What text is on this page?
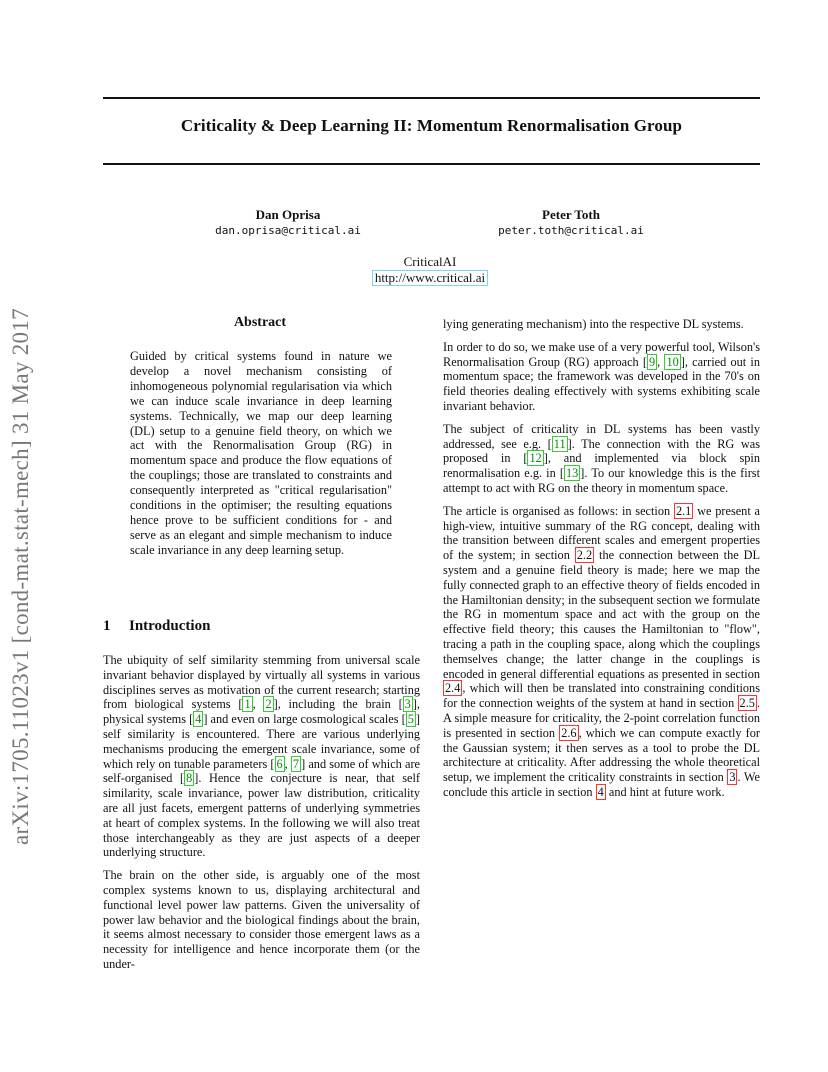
arXiv:1705.11023v1 [cond-mat.stat-mech] 31 May 2017
Criticality & Deep Learning II: Momentum Renormalisation Group
Dan Oprisa
dan.oprisa@critical.ai
Peter Toth
peter.toth@critical.ai
CriticalAI
http://www.critical.ai
Abstract
Guided by critical systems found in nature we develop a novel mechanism consisting of inhomogeneous polynomial regularisation via which we can induce scale invariance in deep learning systems. Technically, we map our deep learning (DL) setup to a genuine field theory, on which we act with the Renormalisation Group (RG) in momentum space and produce the flow equations of the couplings; those are translated to constraints and consequently interpreted as "critical regularisation" conditions in the optimiser; the resulting equations hence prove to be sufficient conditions for - and serve as an elegant and simple mechanism to induce scale invariance in any deep learning setup.
1 Introduction

The ubiquity of self similarity stemming from universal scale invariant behavior displayed by virtually all systems in various disciplines serves as motivation of the current research; starting from biological systems [ 1 , 2 ], including the brain [ 3 ], physical systems [ 4 ] and even on large cosmological scales [ 5 ] self similarity is encountered. There are various underlying mechanisms producing the emergent scale invariance, some of which rely on tunable parameters [ 6 , 7 ] and some of which are self-organised [ 8 ]. Hence the conjecture is near, that self similarity, scale invariance, power law distribution, criticality are all just facets, emergent patterns of underlying symmetries at heart of complex systems. In the following we will also treat those interchangeably as they are just aspects of a deeper underlying structure.

The brain on the other side, is arguably one of the most complex systems known to us, displaying architectural and functional level power law patterns. Given the universality of power law behavior and the biological findings about the brain, it seems almost necessary to consider those emergent laws as a necessity for intelligence and hence incorporate them (or the under-

lying generating mechanism) into the respective DL systems.

In order to do so, we make use of a very powerful tool, Wilson's Renormalisation Group (RG) approach [ 9 , 10 ], carried out in momentum space; the framework was developed in the 70's on field theories dealing effectively with systems exhibiting scale invariant behavior.

The subject of criticality in DL systems has been vastly addressed, see e.g. [ 11 ]. The connection with the RG was proposed in [ 12 ], and implemented via block spin renormalisation e.g. in [ 13 ]. To our knowledge this is the first attempt to act with RG on the theory in momentum space.

The article is organised as follows: in section 2.1 we present a high-view, intuitive summary of the RG concept, dealing with the transition between different scales and emergent properties of the system; in section 2.2 the connection between the DL system and a genuine field theory is made; here we map the fully connected graph to an effective theory of fields encoded in the Hamiltonian density; in the subsequent section we formulate the RG in momentum space and act with the group on the effective field theory; this causes the Hamiltonian to "flow", tracing a path in the coupling space, along which the couplings themselves change; the latter change in the couplings is encoded in general differential equations as presented in section 2.4 , which will then be translated into constraining conditions for the connection weights of the system at hand in section 2.5 . A simple measure for criticality, the 2-point correlation function is presented in section 2.6 , which we can compute exactly for the Gaussian system; it then serves as a tool to probe the DL architecture at criticality. After addressing the whole theoretical setup, we implement the criticality constraints in section 3 . We conclude this article in section 4 and hint at future work.
